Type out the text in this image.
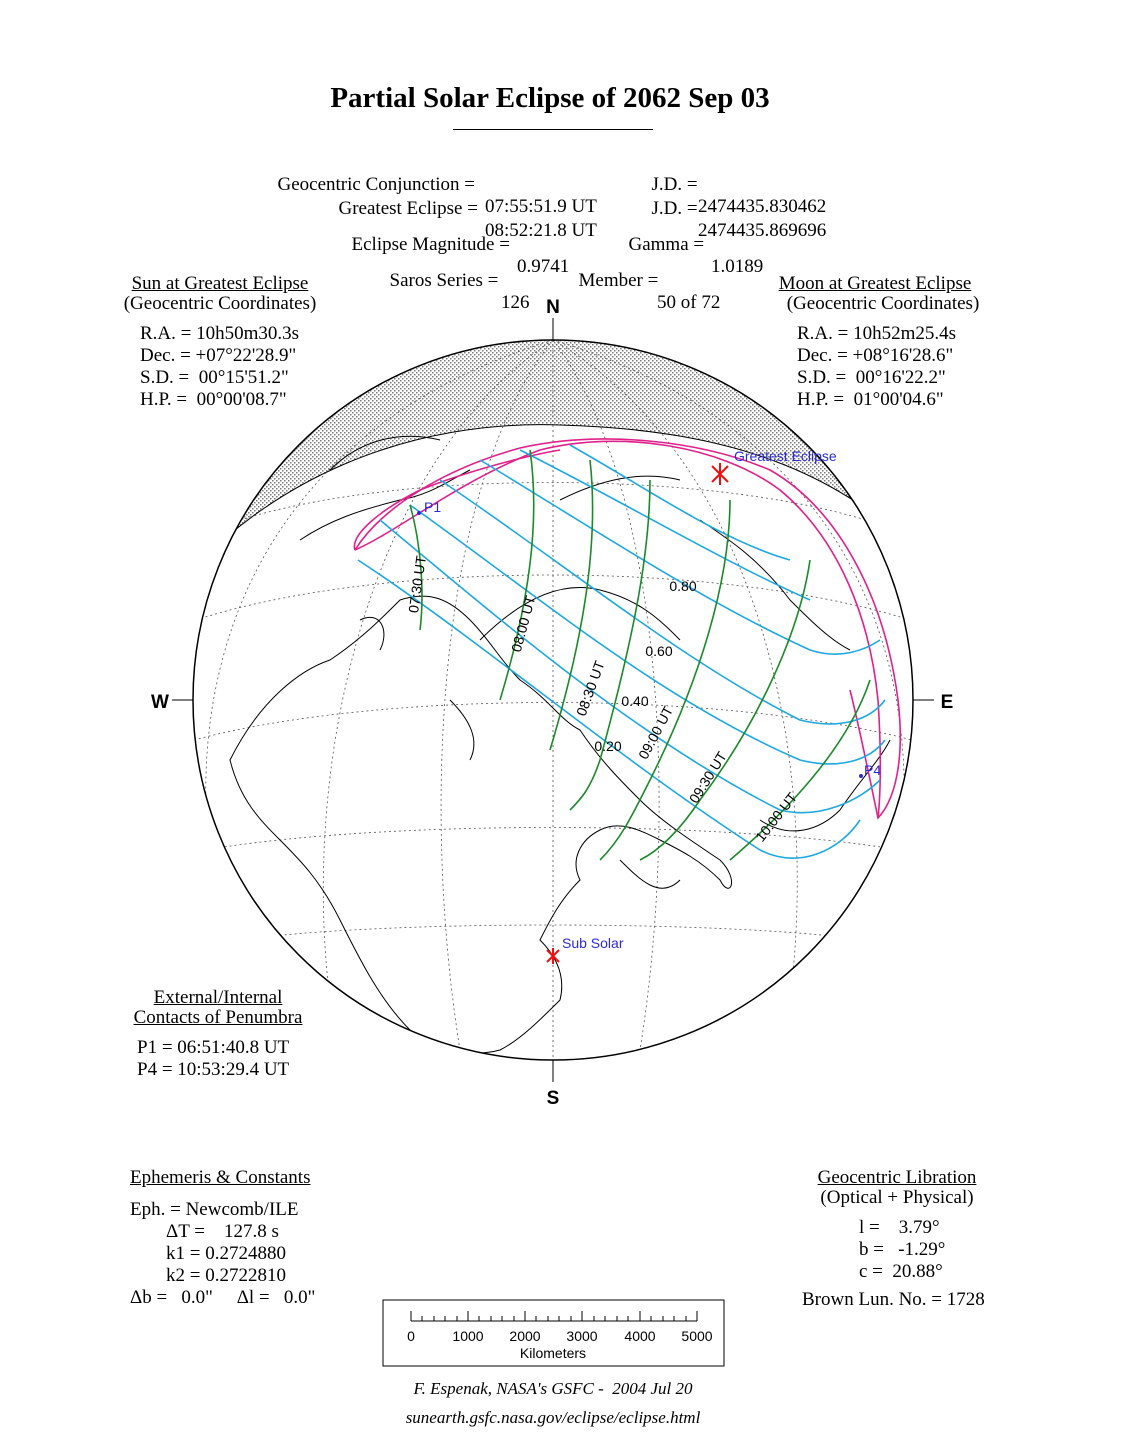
Partial Solar Eclipse of 2062 Sep 03

Geocentric Conjunction =

07:55:51.9 UT

J.D. =

2474435.830462

Greatest Eclipse =

08:52:21.8 UT

J.D. =

2474435.869696

Eclipse Magnitude =

0.9741

Gamma =

1.0189

Saros Series =

126

Member =

50 of 72

Sun at Greatest Eclipse
(Geocentric Coordinates)
R.A. = 10h50m30.3s
Dec. = +07°22'28.9"
S.D. =  00°15'51.2"
H.P. =  00°00'08.7"
Moon at Greatest Eclipse
(Geocentric Coordinates)
R.A. = 10h52m25.4s
Dec. = +08°16'28.6"
S.D. =  00°16'22.2"
H.P. =  01°00'04.6"
N
S
W	E
0.80
0.60
0.40
0.20
07:30 UT
08:00 UT
08:30 UT
09:00 UT
09:30 UT
10:00 UT
Greatest Eclipse
Sub Solar
P1
P4
0	1000 2000 3000 4000 5000
Kilometers
External/Internal
Contacts of Penumbra
P1 = 06:51:40.8 UT
P4 = 10:53:29.4 UT
Ephemeris & Constants
Eph. = Newcomb/ILE
ΔT =    127.8 s
k1 = 0.2724880
k2 = 0.2722810
Δb =   0.0"     Δl =   0.0"
Geocentric Libration
(Optical + Physical)
l =    3.79°
b =   -1.29°
c =  20.88°
Brown Lun. No. = 1728
F. Espenak, NASA's GSFC -  2004 Jul 20
sunearth.gsfc.nasa.gov/eclipse/eclipse.html
